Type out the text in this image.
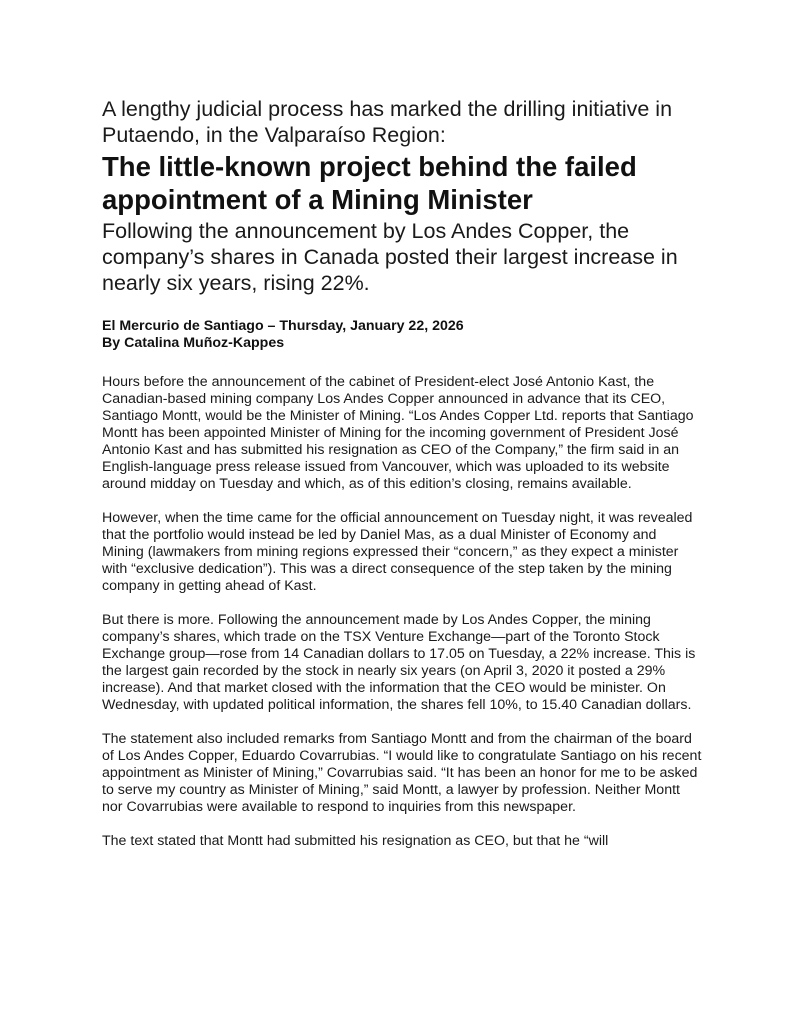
A lengthy judicial process has marked the drilling initiative in Putaendo, in the Valparaíso Region:
The little-known project behind the failed appointment of a Mining Minister
Following the announcement by Los Andes Copper, the company’s shares in Canada posted their largest increase in nearly six years, rising 22%.
El Mercurio de Santiago – Thursday, January 22, 2026
By Catalina Muñoz-Kappes

Hours before the announcement of the cabinet of President-elect José Antonio Kast, the Canadian-based mining company Los Andes Copper announced in advance that its CEO, Santiago Montt, would be the Minister of Mining. “Los Andes Copper Ltd. reports that Santiago Montt has been appointed Minister of Mining for the incoming government of President José Antonio Kast and has submitted his resignation as CEO of the Company,” the firm said in an English-language press release issued from Vancouver, which was uploaded to its website around midday on Tuesday and which, as of this edition’s closing, remains available.

However, when the time came for the official announcement on Tuesday night, it was revealed that the portfolio would instead be led by Daniel Mas, as a dual Minister of Economy and Mining (lawmakers from mining regions expressed their “concern,” as they expect a minister with “exclusive dedication”). This was a direct consequence of the step taken by the mining company in getting ahead of Kast.

But there is more. Following the announcement made by Los Andes Copper, the mining company’s shares, which trade on the TSX Venture Exchange—part of the Toronto Stock Exchange group—rose from 14 Canadian dollars to 17.05 on Tuesday, a 22% increase. This is the largest gain recorded by the stock in nearly six years (on April 3, 2020 it posted a 29% increase). And that market closed with the information that the CEO would be minister. On Wednesday, with updated political information, the shares fell 10%, to 15.40 Canadian dollars.

The statement also included remarks from Santiago Montt and from the chairman of the board of Los Andes Copper, Eduardo Covarrubias. “I would like to congratulate Santiago on his recent appointment as Minister of Mining,” Covarrubias said. “It has been an honor for me to be asked to serve my country as Minister of Mining,” said Montt, a lawyer by profession. Neither Montt nor Covarrubias were available to respond to inquiries from this newspaper.

The text stated that Montt had submitted his resignation as CEO, but that he “will
